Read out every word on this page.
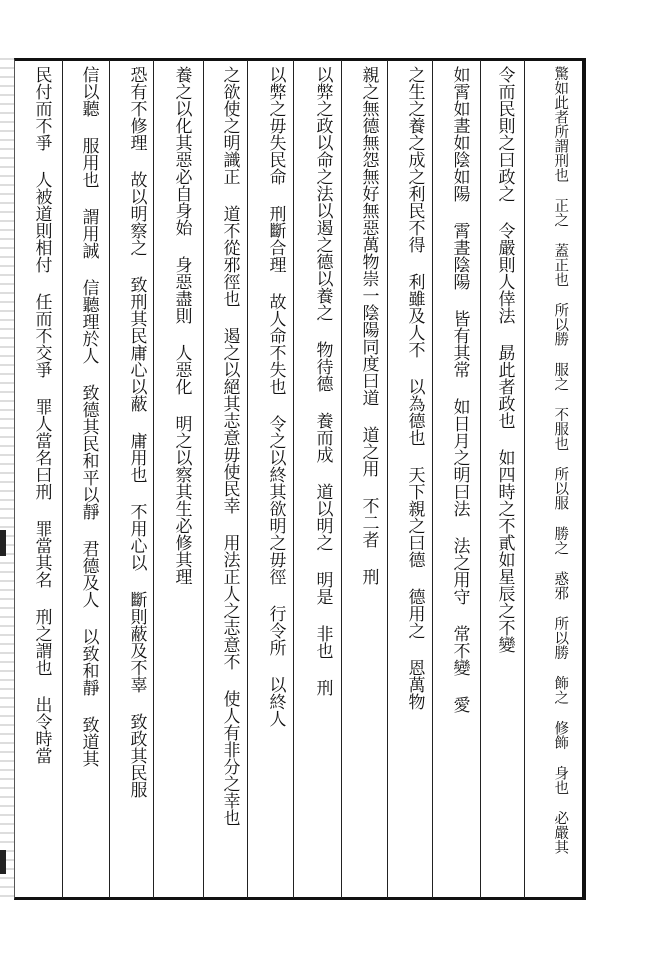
驚如此者所謂刑也 正之 蓋正也 所以勝 服之 不服也 所以服 勝之 惑邪 所以勝 飾之 修飾 身也 必嚴其
令而民則之曰政之 令嚴則人倖法 勗此者政也 如四時之不貳如星辰之不變
如霄如晝如陰如陽 霄晝陰陽 皆有其常 如日月之明曰法 法之用守 常不變 愛
之生之養之成之利民不得 利雖及人不 以為德也 天下親之曰德 德用之 恩萬物
親之無德無怨無好無惡萬物崇一陰陽同度曰道 道之用 不二者 刑
以弊之政以命之法以遏之德以養之 物待德 養而成 道以明之 明是 非也 刑
以弊之毋失民命 刑斷合理 故人命不失也 令之以終其欲明之毋徑 行令所 以終人
之欲使之明識正 道不從邪徑也 遏之以絕其志意毋使民幸 用法正人之志意不 使人有非分之幸也
養之以化其惡必自身始 身惡盡則 人惡化 明之以察其生必修其理
恐有不修理 故以明察之 致刑其民庸心以蔽 庸用也 不用心以 斷則蔽及不辜 致政其民服
信以聽 服用也 謂用誠 信聽理於人 致德其民和平以靜 君德及人 以致和靜 致道其
民付而不爭 人被道則相付 任而不交爭 罪人當名曰刑 罪當其名 刑之謂也 出令時當
